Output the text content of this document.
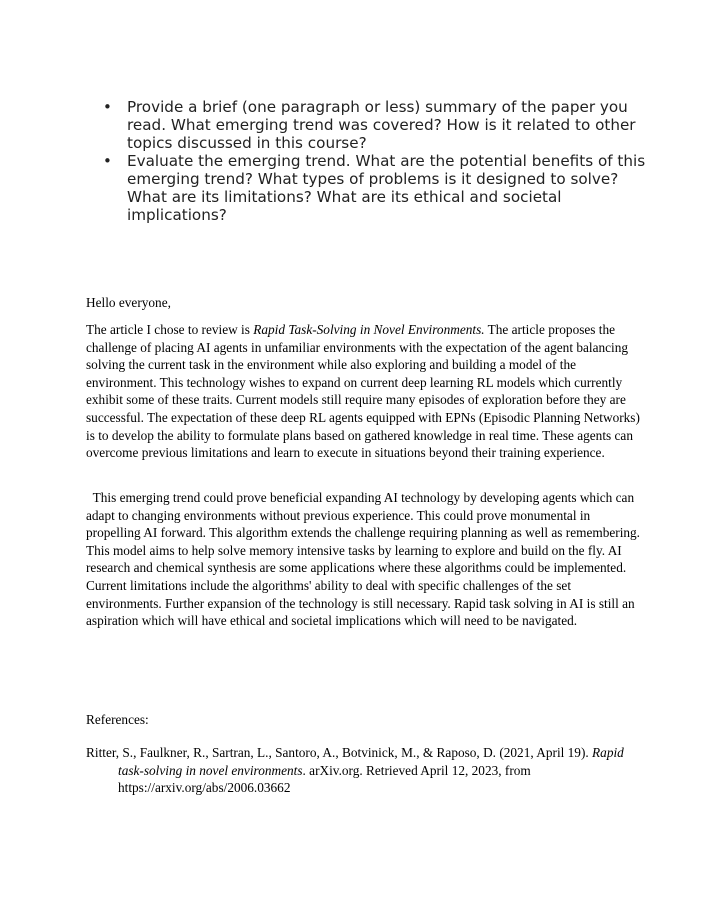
• Provide a brief (one paragraph or less) summary of the paper you read. What emerging trend was covered? How is it related to other topics discussed in this course?
• Evaluate the emerging trend. What are the potential benefits of this emerging trend? What types of problems is it designed to solve? What are its limitations? What are its ethical and societal implications?

Hello everyone,

The article I chose to review is Rapid Task-Solving in Novel Environments. The article proposes the challenge of placing AI agents in unfamiliar environments with the expectation of the agent balancing solving the current task in the environment while also exploring and building a model of the environment. This technology wishes to expand on current deep learning RL models which currently exhibit some of these traits. Current models still require many episodes of exploration before they are successful. The expectation of these deep RL agents equipped with EPNs (Episodic Planning Networks) is to develop the ability to formulate plans based on gathered knowledge in real time. These agents can overcome previous limitations and learn to execute in situations beyond their training experience.

This emerging trend could prove beneficial expanding AI technology by developing agents which can adapt to changing environments without previous experience. This could prove monumental in propelling AI forward. This algorithm extends the challenge requiring planning as well as remembering. This model aims to help solve memory intensive tasks by learning to explore and build on the fly. AI research and chemical synthesis are some applications where these algorithms could be implemented. Current limitations include the algorithms' ability to deal with specific challenges of the set environments. Further expansion of the technology is still necessary. Rapid task solving in AI is still an aspiration which will have ethical and societal implications which will need to be navigated.

References:

Ritter, S., Faulkner, R., Sartran, L., Santoro, A., Botvinick, M., & Raposo, D. (2021, April 19). Rapid task-solving in novel environments. arXiv.org. Retrieved April 12, 2023, from https://arxiv.org/abs/2006.03662
